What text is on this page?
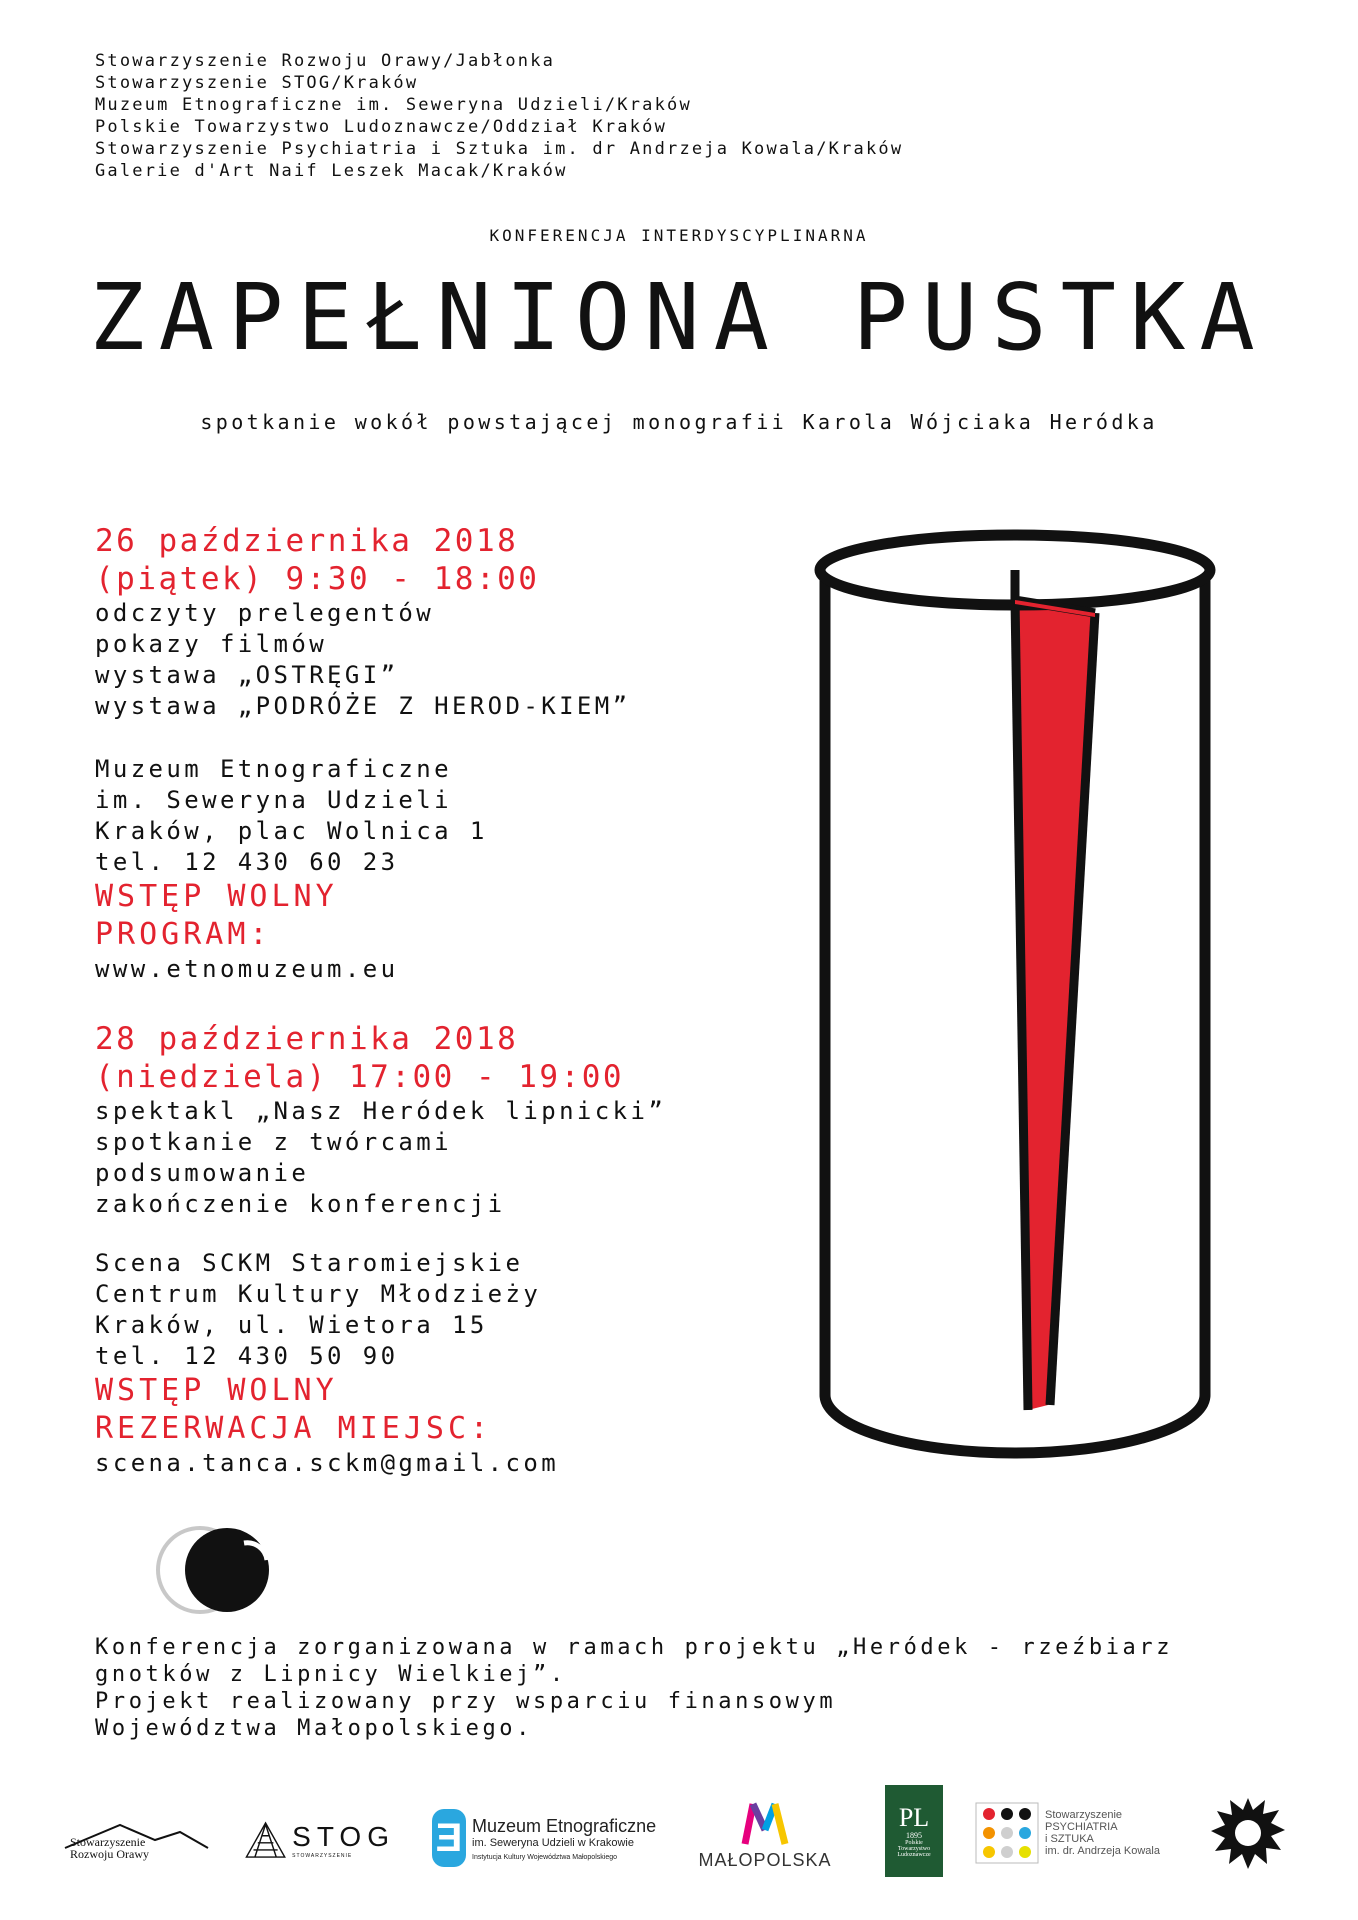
Stowarzyszenie Rozwoju Orawy/Jabłonka
Stowarzyszenie STOG/Kraków
Muzeum Etnograficzne im. Seweryna Udzieli/Kraków
Polskie Towarzystwo Ludoznawcze/Oddział Kraków
Stowarzyszenie Psychiatria i Sztuka im. dr Andrzeja Kowala/Kraków
Galerie d'Art Naif Leszek Macak/Kraków
KONFERENCJA INTERDYSCYPLINARNA
ZAPEŁNIONA PUSTKA
spotkanie wokół powstającej monografii Karola Wójciaka Heródka
26 października 2018
(piątek) 9:30 - 18:00
odczyty prelegentów
pokazy filmów
wystawa „OSTRĘGI”
wystawa „PODRÓŻE Z HEROD-KIEM”
Muzeum Etnograficzne
im. Seweryna Udzieli
Kraków, plac Wolnica 1
tel. 12 430 60 23
WSTĘP WOLNY
PROGRAM:
www.etnomuzeum.eu
28 października 2018
(niedziela) 17:00 - 19:00
spektakl „Nasz Heródek lipnicki”
spotkanie z twórcami
podsumowanie
zakończenie konferencji
Scena SCKM Staromiejskie
Centrum Kultury Młodzieży
Kraków, ul. Wietora 15
tel. 12 430 50 90
WSTĘP WOLNY
REZERWACJA MIEJSC:
scena.tanca.sckm@gmail.com
Konferencja zorganizowana w ramach projektu „Heródek - rzeźbiarz
gnotków z Lipnicy Wielkiej”.
Projekt realizowany przy wsparciu finansowym
Województwa Małopolskiego.
Stowarzyszenie
Rozwoju Orawy
STOG
STOWARZYSZENIE	Ǝ Muzeum Etnograficzne
im. Seweryna Udzieli w Krakowie
Instytucja Kultury Województwa Małopolskiego	MAŁOPOLSKA
PL
1895
Polskie
Towarzystwo
Ludoznawcze
Stowarzyszenie
PSYCHIATRIA
i SZTUKA
im. dr. Andrzeja Kowala
